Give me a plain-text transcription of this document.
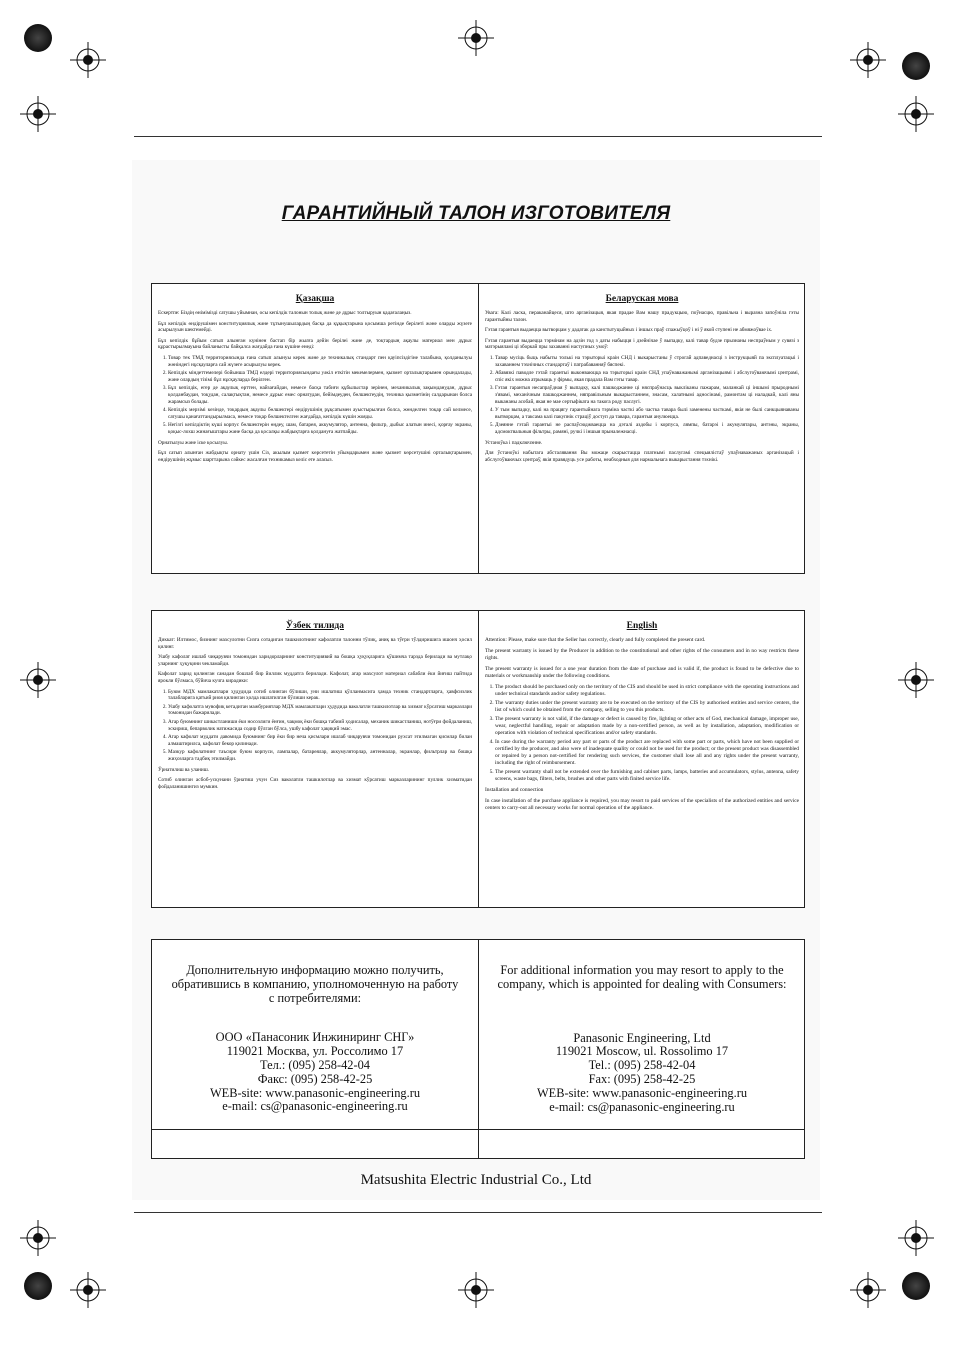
ГАРАНТИЙНЫЙ ТАЛОН ИЗГОТОВИТЕЛЯ
Қазақша

Ескертпе: Біздің өнімімізді сатушы уйымнан, осы кепілдік талонын толық және де дұрыс толтыруын қадағалаңыз.

Бұл кепілдік өндірушімен конституциялық және тұтынушылардың басқа да құқықтарына қосымша ретінде берілеті және оларды жүзеге асырылуын шектемейді.

Бұл кепілдік бұйым сатып алынған күнінен бастап бір жылға дейін берілеі және де, тоқтардың ақаулы материал мен дұрыс құрастырылмауына байланысты байқалса жағдайда ғана күшіне енеді:

1. Товар тек ТМД территориясында ғана сатып алынуы керек және де техникалық стандарт пен қауіпсіздігіне талабына, қолданылуы жөніндегі нұсқауларға сай жүзеге асырылуы керек.
2. Кепілдік міндеттемелері бойынша ТМД елдері территориясындағы уәкіл еткітін мекемелермен, қызмет орталықтарымен орындалады, және олардың тізімі бұл нұсқауларда берілген.
3. Бұл кепілдік, егер де ақаулық өрттен, найзағайдан, немесе басқа табиғи құбылыстар зерінен, механикалық зақымданудан, дұрыс қолданбаудан, тоқудан, салақтықтан, немесе дұрыс емес орнатудан, бейімдеуден, бөлшектеудің, техника қызметінің салдарынан болса жарамсыз болады.
4. Кепілдік мерзімі кезінде, тоқардың ақаулы бөлшектері өндірушінің рұқсатымен ауыстырылған болса, жөнделген тоқар сай келмесе, сатушы қанағаттандырылмаса, немесе тоқар бөлшектелген жағдайда, кепілдік күшін жояды.
5. Негізгі кепілдіктің күші корпус бөлшектерін өңдеу, шам, батарея, аккумулятор, антенна, фильтр, дыбыс алатын инесі, қорғау экраны, қоқыс-лохш жинағыштары және басқа да қосалқы жабдықтарға қолдануға жатпайды.

Орнатылуы және іске қосылуы.

Бұл сатып алынған жабдықты орнату үшін Сіз, акылым қызмет көрсететін уйымдарымен және қызмет көрсетушіні орталықтарымен, өндірушінің жұмыс шарттарына сәйкес жасалған техникамыз келіс ете аласыз.

Беларуская мова

Увага: Калі ласка, пераканайцеся, што арганізацыя, якая прадае Вам нашу прадукцыю, поўнасцю, правільна і выразна запоўніла гэты гарантыйны талон.

Гэтая гарантыя выдаецца вытворцам у дадатак да канстытуцыйных і іншых праў спажыўцоў і ні ў якой ступені не абмяжоўвае іх.

Гэтая гарантыя выдаецца тэрмінам на адзін год з даты набыцця і дзейнічае ў выпадку, калі тавар будзе прызнаны неспраўным у сувязі з матэрыяламі ці зборкай пры захаванні наступных умоў:

1. Тавар мусіць быць набыты толькі на тэрыторыі краін СНД і выкарыстаны ў строгай адпаведнасці з інструкцыяй па эксплуатацыі і захаваннем тэхнічных стандартаў і патрабаванняў бяспекі.
2. Абавязкі паводле гэтай гарантыі выконваюцца на тэрыторыі краін СНД упаўнаважанымі арганізацыямі і абслугоўваючымі цэнтрамі, спіс якіх можна атрымаць у фірмы, якая прадала Вам гэты тавар.
3. Гэтая гарантыя несапраўдная ў выпадку, калі пашкоджанне ці няспраўнасць выкліканы пажарам, маланкай ці іншымі прыроднымі з'явамі, механічным пашкоджаннем, няправільным выкарыстаннем, знасам, халатнымі адносінамі, рамонтам ці наладкай, калі яны выкананы асобай, якая не мае сертыфіката на такога роду паслугі.
4. У тым выпадку, калі на працягу гарантыйнага тэрміна часткі або частка тавара былі заменены часткамі, якія не былі санкцыянаваны вытворцам, а таксама калі пакупнік страціў доступ да тавара, гарантыя анулюецца.
5. Дзеянне гэтай гарантыі не распаўсюджваецца на дэталі аздобы і корпуса, лямпы, батарэі і акумулятары, антэны, экраны, адсмоктвальныя фільтры, рамяні, ручкі і іншыя прыналежнасці.

Устаноўка і падключэнне.

Для ўстаноўкі набытага абсталявання Вы можаце скарыстацца платнымі паслугамі спецыялістаў упаўнаважаных арганізацый і абслугоўваючых цэнтраў, якія правядуць усе работы, неабходныя для нармальнага выкарыстання тэхнікі.

Ўзбек тилида

Диккат: Илтимос, бизнинг махсулотни Сизга сотадиган ташкилотнинг кафолатли талонни тўлиқ, аниқ ва тўғри тўлдиришига ишонч ҳосил қилинг.

Ушбу кафолат ишлаб чиқарувчи томонидан харидорларнинг конституциявий ва бошқа ҳуқуқларига қўшимча тарзда берилади ва мутлақо уларнинг ҳуқуқини чекламайди.

Кафолат харид қилинган санадан бошлаб бир йиллик муддатга берилади. Кафолат, агар махсулот материал сабабли ёки йиғиш пайтида ярокли бўлмаса, бўйича кучга кирадики:

1. Буюм МДХ мамлакатлари ҳудудида сотиб олинган бўлиши, уни ишлатиш қўлланмасига ҳамда техник стандартларга, ҳавфсизлик талабларига қатъий риоя қилинган ҳолда ишлатилган бўлиши керак.
2. Ушбу кафолатга мувофиқ кетадиган мажбуриятлар МДХ мамлакатлари ҳудудида ваколатли ташкилотлар ва хизмат кўрсатиш марказлари томонидан бажарилади.
3. Агар буюмнинг шикастланиши ёки носозлиги ёнғин, чақмоқ ёки бошқа табиий ҳодисалар, механик шикастланиш, нотўғри фойдаланиш, эскириш, бепарволик натижасида содир бўлган бўлса, ушбу кафолат ҳақиқий эмас.
4. Агар кафолат муддати давомида буюмнинг бир ёки бир неча қисмлари ишлаб чиқарувчи томонидан рухсат этилмаган қисмлар билан алмаштирилса, кафолат бекор қилинади.
5. Мазкур кафолатнинг таъсири буюм корпуси, лампалар, батареялар, аккумуляторлар, антенналар, экранлар, фильтрлар ва бошқа жиҳозларга тадбиқ этилмайди.

Ўрнатилиш ва уланиш.

Сотиб олинган асбоб-ускунани ўрнатиш учун Сиз ваколатли ташкилотлар ва хизмат кўрсатиш марказларининг пуллик хизматидан фойдаланишингиз мумкин.

English

Attention: Please, make sure that the Seller has correctly, clearly and fully completed the present card.

The present warranty is issued by the Producer in addition to the constitutional and other rights of the consumers and in no way restricts these rights.

The present warranty is issued for a one year duration from the date of purchase and is valid if, the product is found to be defective due to materials or workmanship under the following conditions.

1. The product should be purchased only on the territory of the CIS and should be used in strict compliance with the operating instructions and under technical standards and/or safety regulations.
2. The warranty duties under the present warranty are to be executed on the territory of the CIS by authorised entities and service centers, the list of which could be obtained from the company, selling to you this products.
3. The present warranty is not valid, if the damage or defect is caused by fire, lighting or other acts of God, mechanical damage, improper use, wear, neglectful handling, repair or adaptation made by a non-certified person, as well as by installation, adaptation, modification or operation with violation of technical specifications and/or safety standards.
4. In case during the warranty period any part or parts of the product are replaced with some part or parts, which have not been supplied or certified by the producer, and also were of inadequate quality or could not be used for the product; or the present product was disassembled or repaired by a person not-certified for rendering such services, the customer shall lose all and any rights under the present warranty, including the right of reimbursement.
5. The present warranty shall not be extended over the furnishing and cabinet parts, lamps, batteries and accumulators, stylus, antenna, safety screens, waste bags, filters, belts, brushes and other parts with finited service life.

Installation and connection

In case installation of the purchase appliance is required, you may resort to paid services of the specialists of the authorized entities and service centers to carry-out all necessary works for normal operation of the appliance.

Дополнительную информацию можно получить,
обратившись в компанию, уполномоченную на работу
с потребителями:
ООО «Панасоник Инжиниринг СНГ»
119021 Москва, ул. Россолимо 17
Тел.: (095) 258-42-04
Факс: (095) 258-42-25
WEB-site: www.panasonic-engineering.ru
e-mail: cs@panasonic-engineering.ru
For additional information you may resort to apply to the
company, which is appointed for dealing with Consumers:
Panasonic Engineering, Ltd
119021 Moscow, ul. Rossolimo 17
Tel.: (095) 258-42-04
Fax: (095) 258-42-25
WEB-site: www.panasonic-engineering.ru
e-mail: cs@panasonic-engineering.ru
Matsushita Electric Industrial Co., Ltd
